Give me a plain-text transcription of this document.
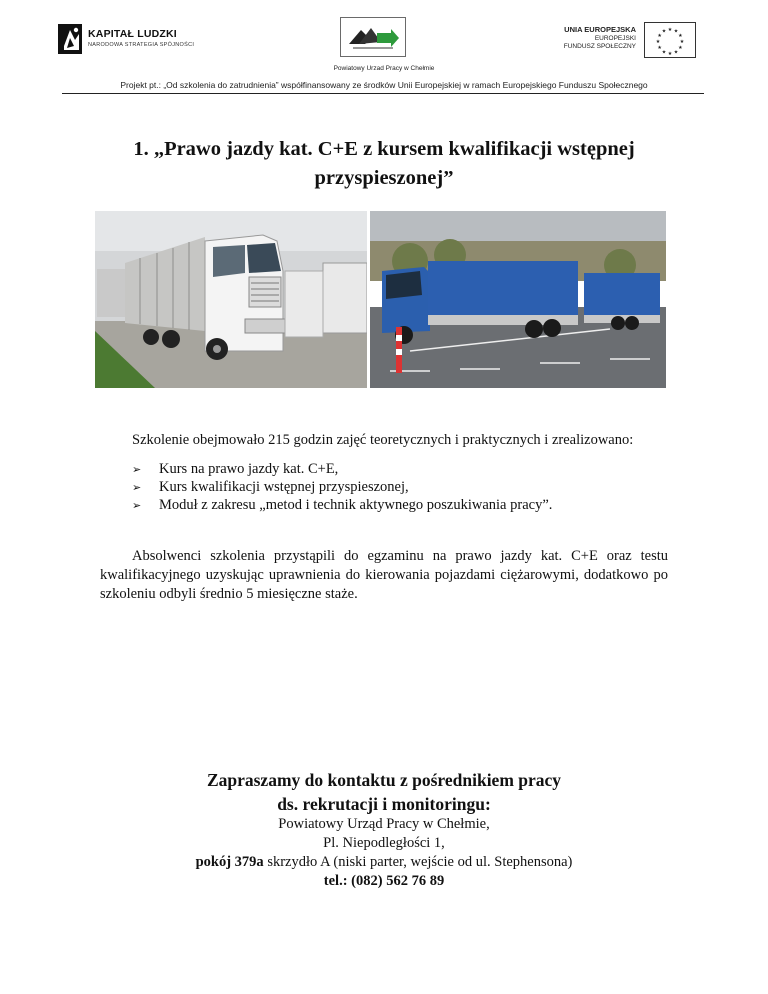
KAPITAŁ LUDZKI
NARODOWA STRATEGIA SPÓJNOŚCI
UNIA EUROPEJSKA
EUROPEJSKI
FUNDUSZ SPOŁECZNY
★ ★
★
★
★
★
★
★
★
★
★
★
Powiatowy Urzad Pracy w Chełmie
Projekt pt.: „Od szkolenia do zatrudnienia” współfinansowany ze środków Unii Europejskiej w ramach Europejskiego Funduszu Społecznego
1. „Prawo jazdy kat. C+E z kursem kwalifikacji wstępnej
przyspieszonej”
Szkolenie obejmowało 215 godzin zajęć teoretycznych i praktycznych i zrealizowano:
➢ Kurs na prawo jazdy kat. C+E,
➢ Kurs kwalifikacji wstępnej przyspieszonej,
➢ Moduł z zakresu „metod i technik aktywnego poszukiwania pracy”.
Absolwenci szkolenia przystąpili do egzaminu na prawo jazdy kat. C+E oraz testu kwalifikacyjnego uzyskując uprawnienia do kierowania pojazdami ciężarowymi, dodatkowo po szkoleniu odbyli średnio 5 miesięczne staże.
Zapraszamy do kontaktu z pośrednikiem pracy
ds. rekrutacji i monitoringu:
Powiatowy Urząd Pracy w Chełmie,
Pl. Niepodległości 1,
pokój 379a skrzydło A (niski parter, wejście od ul. Stephensona)
tel.: (082) 562 76 89
